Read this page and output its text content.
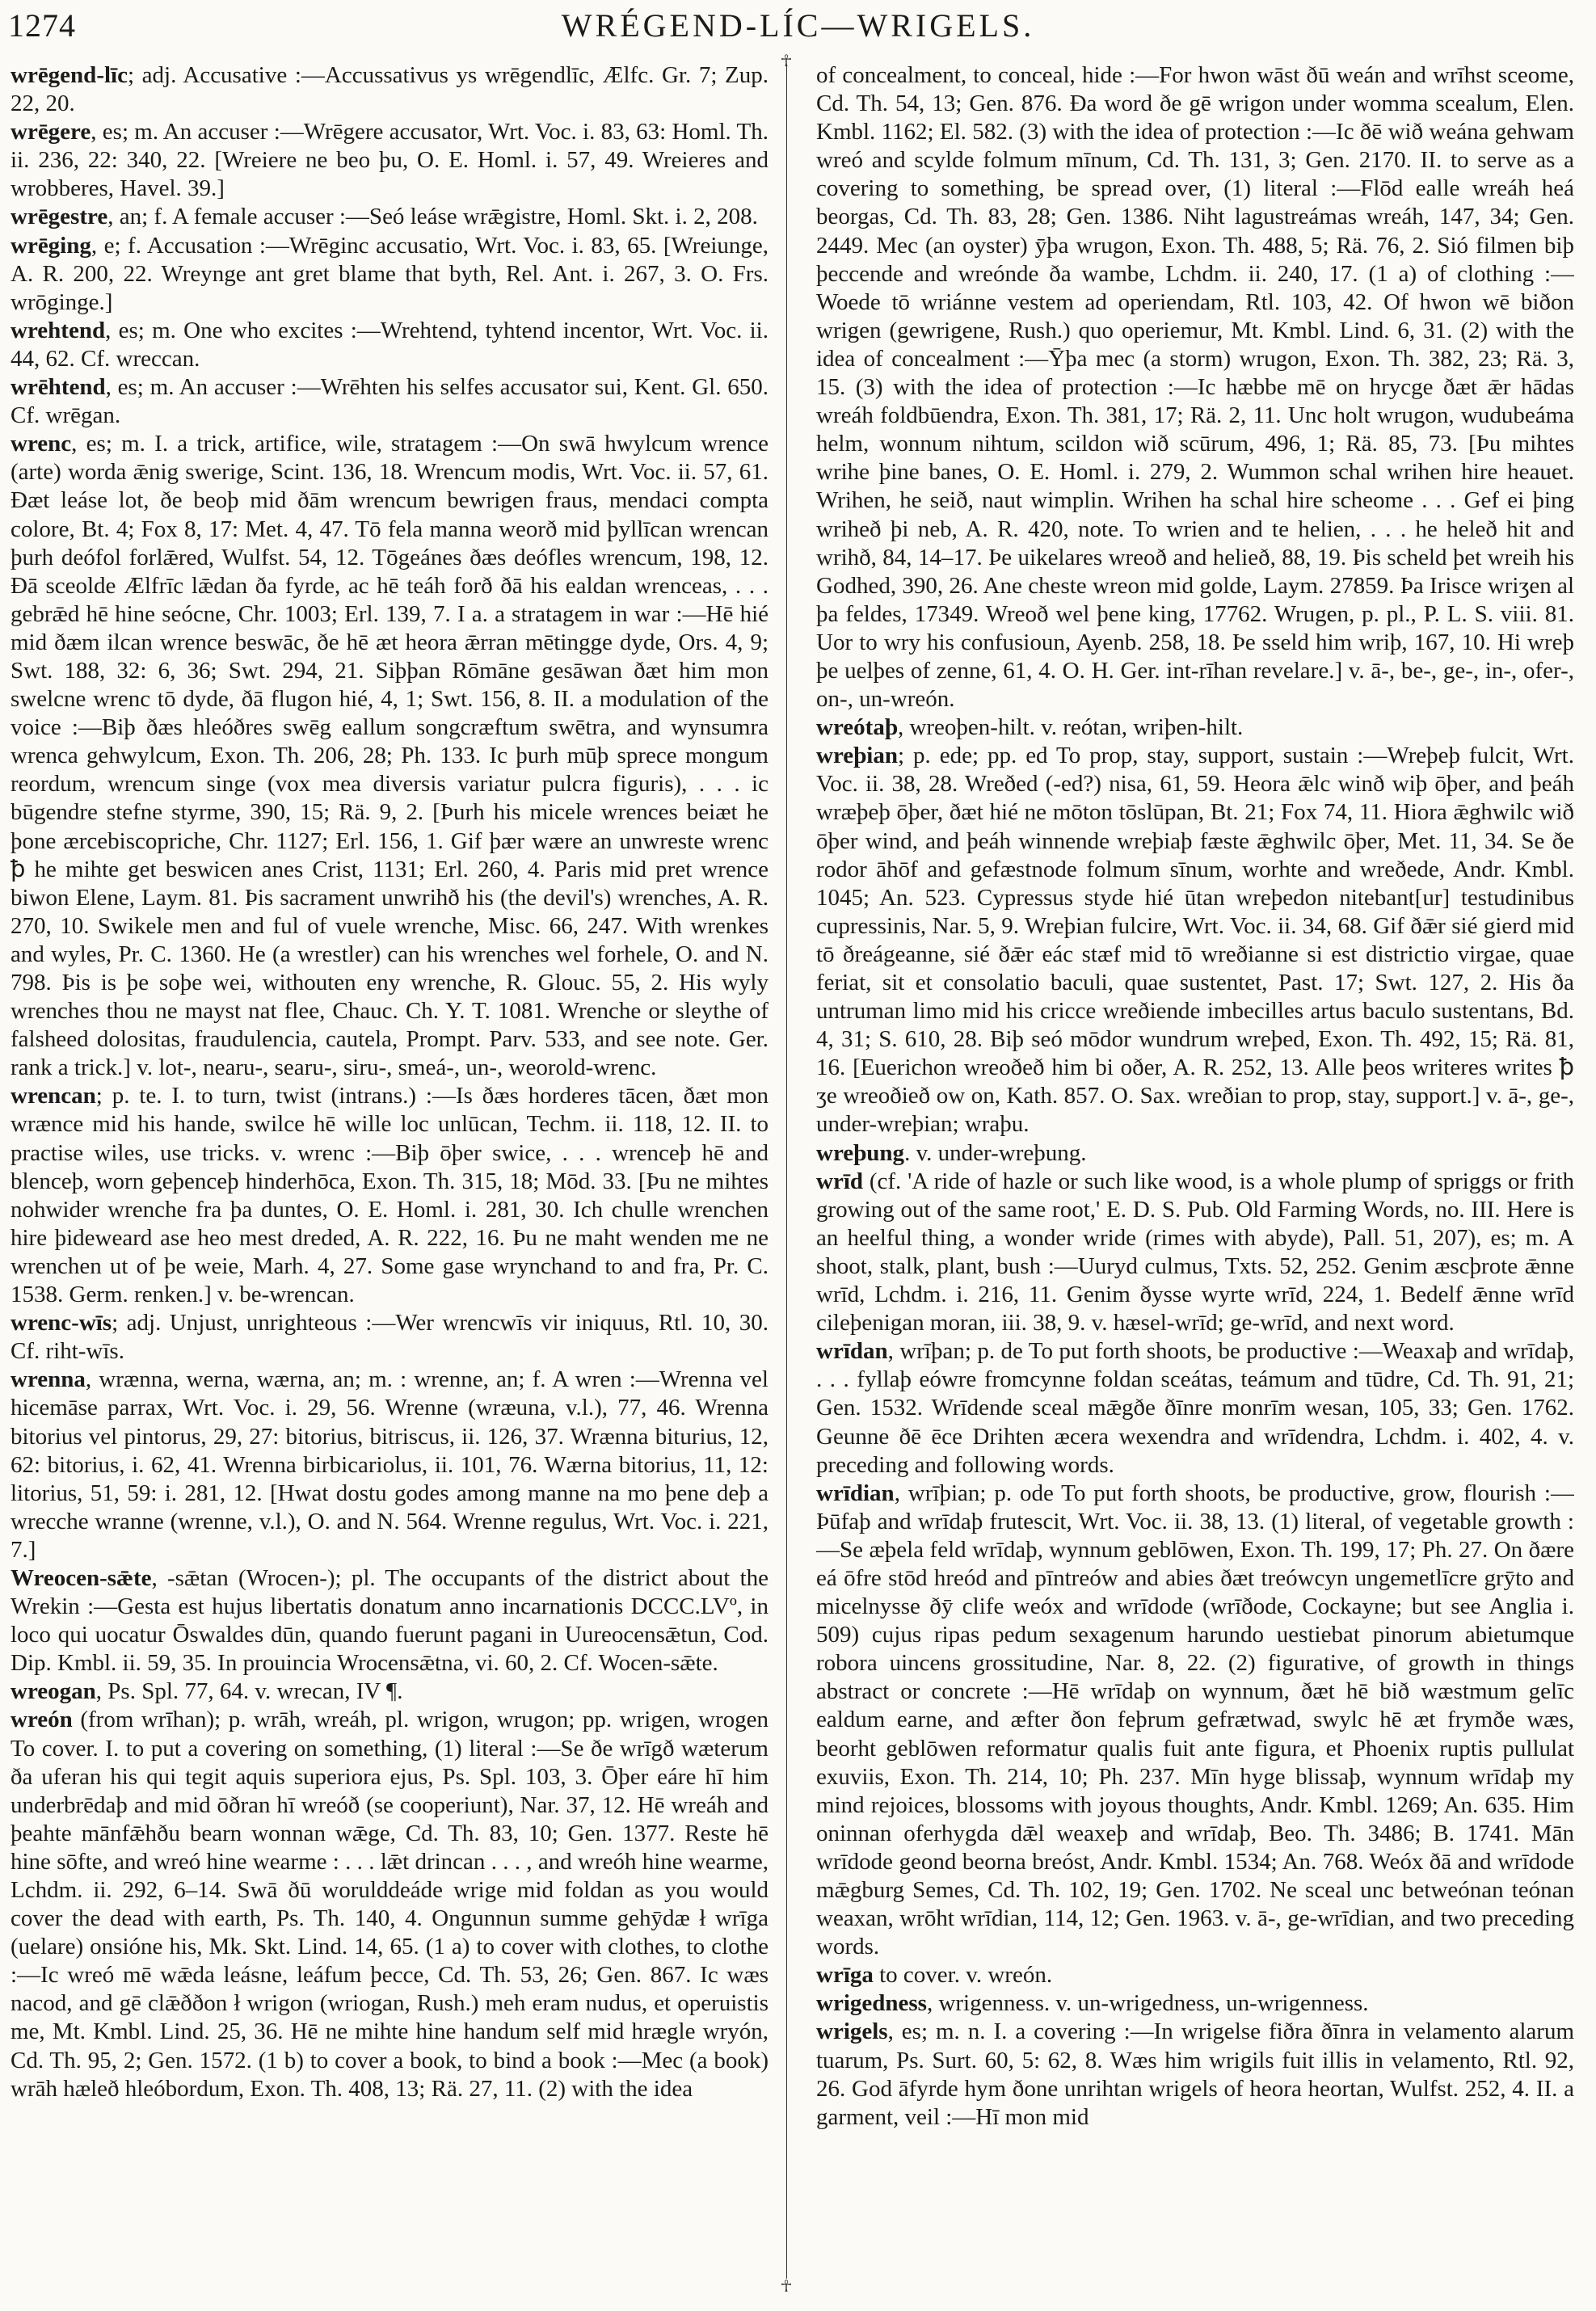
1274	WRÉGEND-LÍC—WRIGELS.
☥
☥

wrēgend-līc; adj. Accusative :—Accussativus ys wrēgendlīc, Ælfc. Gr. 7; Zup. 22, 20.

wrēgere, es; m. An accuser :—Wrēgere accusator, Wrt. Voc. i. 83, 63: Homl. Th. ii. 236, 22: 340, 22. [Wreiere ne beo þu, O. E. Homl. i. 57, 49. Wreieres and wrobberes, Havel. 39.]

wrēgestre, an; f. A female accuser :—Seó leáse wrǣgistre, Homl. Skt. i. 2, 208.

wrēging, e; f. Accusation :—Wrēginc accusatio, Wrt. Voc. i. 83, 65. [Wreiunge, A. R. 200, 22. Wreynge ant gret blame that byth, Rel. Ant. i. 267, 3. O. Frs. wrōginge.]

wrehtend, es; m. One who excites :—Wrehtend, tyhtend incentor, Wrt. Voc. ii. 44, 62. Cf. wreccan.

wrēhtend, es; m. An accuser :—Wrēhten his selfes accusator sui, Kent. Gl. 650. Cf. wrēgan.

wrenc, es; m. I. a trick, artifice, wile, stratagem :—On swā hwylcum wrence (arte) worda ǣnig swerige, Scint. 136, 18. Wrencum modis, Wrt. Voc. ii. 57, 61. Ðæt leáse lot, ðe beoþ mid ðām wrencum bewrigen fraus, mendaci compta colore, Bt. 4; Fox 8, 17: Met. 4, 47. Tō fela manna weorð mid þyllīcan wrencan þurh deófol forlǣred, Wulfst. 54, 12. Tōgeánes ðæs deófles wrencum, 198, 12. Ðā sceolde Ælfrīc lǣdan ða fyrde, ac hē teáh forð ðā his ealdan wrenceas, . . . gebrǣd hē hine seócne, Chr. 1003; Erl. 139, 7. I a. a stratagem in war :—Hē hié mid ðæm ilcan wrence beswāc, ðe hē æt heora ǣrran mētingge dyde, Ors. 4, 9; Swt. 188, 32: 6, 36; Swt. 294, 21. Siþþan Rōmāne gesāwan ðæt him mon swelcne wrenc tō dyde, ðā flugon hié, 4, 1; Swt. 156, 8. II. a modulation of the voice :—Biþ ðæs hleóðres swēg eallum songcræftum swētra, and wynsumra wrenca gehwylcum, Exon. Th. 206, 28; Ph. 133. Ic þurh mūþ sprece mongum reordum, wrencum singe (vox mea diversis variatur pulcra figuris), . . . ic būgendre stefne styrme, 390, 15; Rä. 9, 2. [Þurh his micele wrences beiæt he þone ærcebiscopriche, Chr. 1127; Erl. 156, 1. Gif þær wære an unwreste wrenc ꝥ he mihte get beswicen anes Crist, 1131; Erl. 260, 4. Paris mid pret wrence biwon Elene, Laym. 81. Þis sacrament unwrihð his (the devil's) wrenches, A. R. 270, 10. Swikele men and ful of vuele wrenche, Misc. 66, 247. With wrenkes and wyles, Pr. C. 1360. He (a wrestler) can his wrenches wel forhele, O. and N. 798. Þis is þe soþe wei, withouten eny wrenche, R. Glouc. 55, 2. His wyly wrenches thou ne mayst nat flee, Chauc. Ch. Y. T. 1081. Wrenche or sleythe of falsheed dolositas, fraudulencia, cautela, Prompt. Parv. 533, and see note. Ger. rank a trick.] v. lot-, nearu-, searu-, siru-, smeá-, un-, weorold-wrenc.

wrencan; p. te. I. to turn, twist (intrans.) :—Is ðæs horderes tācen, ðæt mon wrænce mid his hande, swilce hē wille loc unlūcan, Techm. ii. 118, 12. II. to practise wiles, use tricks. v. wrenc :—Biþ ōþer swice, . . . wrenceþ hē and blenceþ, worn geþenceþ hinderhōca, Exon. Th. 315, 18; Mōd. 33. [Þu ne mihtes nohwider wrenche fra þa duntes, O. E. Homl. i. 281, 30. Ich chulle wrenchen hire þideweard ase heo mest dreded, A. R. 222, 16. Þu ne maht wenden me ne wrenchen ut of þe weie, Marh. 4, 27. Some gase wrynchand to and fra, Pr. C. 1538. Germ. renken.] v. be-wrencan.

wrenc-wīs; adj. Unjust, unrighteous :—Wer wrencwīs vir iniquus, Rtl. 10, 30. Cf. riht-wīs.

wrenna, wrænna, werna, wærna, an; m. : wrenne, an; f. A wren :—Wrenna vel hicemāse parrax, Wrt. Voc. i. 29, 56. Wrenne (wræuna, v.l.), 77, 46. Wrenna bitorius vel pintorus, 29, 27: bitorius, bitriscus, ii. 126, 37. Wrænna biturius, 12, 62: bitorius, i. 62, 41. Wrenna birbicariolus, ii. 101, 76. Wærna bitorius, 11, 12: litorius, 51, 59: i. 281, 12. [Hwat dostu godes among manne na mo þene deþ a wrecche wranne (wrenne, v.l.), O. and N. 564. Wrenne regulus, Wrt. Voc. i. 221, 7.]

Wreocen-sǣte, -sǣtan (Wrocen-); pl. The occupants of the district about the Wrekin :—Gesta est hujus libertatis donatum anno incarnationis DCCC.LVº, in loco qui uocatur Ōswaldes dūn, quando fuerunt pagani in Uureocensǣtun, Cod. Dip. Kmbl. ii. 59, 35. In prouincia Wrocensǣtna, vi. 60, 2. Cf. Wocen-sǣte.

wreogan, Ps. Spl. 77, 64. v. wrecan, IV ¶.

wreón (from wrīhan); p. wrāh, wreáh, pl. wrigon, wrugon; pp. wrigen, wrogen To cover. I. to put a covering on something, (1) literal :—Se ðe wrīgð wæterum ða uferan his qui tegit aquis superiora ejus, Ps. Spl. 103, 3. Ōþer eáre hī him underbrēdaþ and mid ōðran hī wreóð (se cooperiunt), Nar. 37, 12. Hē wreáh and þeahte mānfǣhðu bearn wonnan wǣge, Cd. Th. 83, 10; Gen. 1377. Reste hē hine sōfte, and wreó hine wearme : . . . lǣt drincan . . . , and wreóh hine wearme, Lchdm. ii. 292, 6–14. Swā ðū worulddeáde wrige mid foldan as you would cover the dead with earth, Ps. Th. 140, 4. Ongunnun summe gehȳdæ ł wrīga (uelare) onsióne his, Mk. Skt. Lind. 14, 65. (1 a) to cover with clothes, to clothe :—Ic wreó mē wǣda leásne, leáfum þecce, Cd. Th. 53, 26; Gen. 867. Ic wæs nacod, and gē clǣððon ł wrigon (wriogan, Rush.) meh eram nudus, et operuistis me, Mt. Kmbl. Lind. 25, 36. Hē ne mihte hine handum self mid hrægle wryón, Cd. Th. 95, 2; Gen. 1572. (1 b) to cover a book, to bind a book :—Mec (a book) wrāh hæleð hleóbordum, Exon. Th. 408, 13; Rä. 27, 11. (2) with the idea

of concealment, to conceal, hide :—For hwon wāst ðū weán and wrīhst sceome, Cd. Th. 54, 13; Gen. 876. Ða word ðe gē wrigon under womma scealum, Elen. Kmbl. 1162; El. 582. (3) with the idea of protection :—Ic ðē wið weána gehwam wreó and scylde folmum mīnum, Cd. Th. 131, 3; Gen. 2170. II. to serve as a covering to something, be spread over, (1) literal :—Flōd ealle wreáh heá beorgas, Cd. Th. 83, 28; Gen. 1386. Niht lagustreámas wreáh, 147, 34; Gen. 2449. Mec (an oyster) ȳþa wrugon, Exon. Th. 488, 5; Rä. 76, 2. Sió filmen biþ þeccende and wreónde ða wambe, Lchdm. ii. 240, 17. (1 a) of clothing :—Woede tō wriánne vestem ad operiendam, Rtl. 103, 42. Of hwon wē biðon wrigen (gewrigene, Rush.) quo operiemur, Mt. Kmbl. Lind. 6, 31. (2) with the idea of concealment :—Ȳþa mec (a storm) wrugon, Exon. Th. 382, 23; Rä. 3, 15. (3) with the idea of protection :—Ic hæbbe mē on hrycge ðæt ǣr hādas wreáh foldbūendra, Exon. Th. 381, 17; Rä. 2, 11. Unc holt wrugon, wudubeáma helm, wonnum nihtum, scildon wið scūrum, 496, 1; Rä. 85, 73. [Þu mihtes wrihe þine banes, O. E. Homl. i. 279, 2. Wummon schal wrihen hire heauet. Wrihen, he seið, naut wimplin. Wrihen ha schal hire scheome . . . Gef ei þing wriheð þi neb, A. R. 420, note. To wrien and te helien, . . . he heleð hit and wrihð, 84, 14–17. Þe uikelares wreoð and helieð, 88, 19. Þis scheld þet wreih his Godhed, 390, 26. Ane cheste wreon mid golde, Laym. 27859. Þa Irisce wriʒen al þa feldes, 17349. Wreoð wel þene king, 17762. Wrugen, p. pl., P. L. S. viii. 81. Uor to wry his confusioun, Ayenb. 258, 18. Þe sseld him wriþ, 167, 10. Hi wreþ þe uelþes of zenne, 61, 4. O. H. Ger. int-rīhan revelare.] v. ā-, be-, ge-, in-, ofer-, on-, un-wreón.

wreótaþ, wreoþen-hilt. v. reótan, wriþen-hilt.

wreþian; p. ede; pp. ed To prop, stay, support, sustain :—Wreþeþ fulcit, Wrt. Voc. ii. 38, 28. Wreðed (-ed?) nisa, 61, 59. Heora ǣlc winð wiþ ōþer, and þeáh wræþeþ ōþer, ðæt hié ne mōton tōslūpan, Bt. 21; Fox 74, 11. Hiora ǣghwilc wið ōþer wind, and þeáh winnende wreþiaþ fæste ǣghwilc ōþer, Met. 11, 34. Se ðe rodor āhōf and gefæstnode folmum sīnum, worhte and wreðede, Andr. Kmbl. 1045; An. 523. Cypressus styde hié ūtan wreþedon nitebant[ur] testudinibus cupressinis, Nar. 5, 9. Wreþian fulcire, Wrt. Voc. ii. 34, 68. Gif ðǣr sié gierd mid tō ðreágeanne, sié ðǣr eác stæf mid tō wreðianne si est districtio virgae, quae feriat, sit et consolatio baculi, quae sustentet, Past. 17; Swt. 127, 2. His ða untruman limo mid his cricce wreðiende imbecilles artus baculo sustentans, Bd. 4, 31; S. 610, 28. Biþ seó mōdor wundrum wreþed, Exon. Th. 492, 15; Rä. 81, 16. [Euerichon wreoðeð him bi oðer, A. R. 252, 13. Alle þeos writeres writes ꝥ ʒe wreoðieð ow on, Kath. 857. O. Sax. wreðian to prop, stay, support.] v. ā-, ge-, under-wreþian; wraþu.

wreþung. v. under-wreþung.

wrīd (cf. 'A ride of hazle or such like wood, is a whole plump of spriggs or frith growing out of the same root,' E. D. S. Pub. Old Farming Words, no. III. Here is an heelful thing, a wonder wride (rimes with abyde), Pall. 51, 207), es; m. A shoot, stalk, plant, bush :—Uuryd culmus, Txts. 52, 252. Genim æscþrote ǣnne wrīd, Lchdm. i. 216, 11. Genim ðysse wyrte wrīd, 224, 1. Bedelf ǣnne wrīd cileþenigan moran, iii. 38, 9. v. hæsel-wrīd; ge-wrīd, and next word.

wrīdan, wrīþan; p. de To put forth shoots, be productive :—Weaxaþ and wrīdaþ, . . . fyllaþ eówre fromcynne foldan sceátas, teámum and tūdre, Cd. Th. 91, 21; Gen. 1532. Wrīdende sceal mǣgðe ðīnre monrīm wesan, 105, 33; Gen. 1762. Geunne ðē ēce Drihten æcera wexendra and wrīdendra, Lchdm. i. 402, 4. v. preceding and following words.

wrīdian, wrīþian; p. ode To put forth shoots, be productive, grow, flourish :—Þūfaþ and wrīdaþ frutescit, Wrt. Voc. ii. 38, 13. (1) literal, of vegetable growth :—Se æþela feld wrīdaþ, wynnum geblōwen, Exon. Th. 199, 17; Ph. 27. On ðære eá ōfre stōd hreód and pīntreów and abies ðæt treówcyn ungemetlīcre grȳto and micelnysse ðȳ clife weóx and wrīdode (wrīðode, Cockayne; but see Anglia i. 509) cujus ripas pedum sexagenum harundo uestiebat pinorum abietumque robora uincens grossitudine, Nar. 8, 22. (2) figurative, of growth in things abstract or concrete :—Hē wrīdaþ on wynnum, ðæt hē bið wæstmum gelīc ealdum earne, and æfter ðon feþrum gefrætwad, swylc hē æt frymðe wæs, beorht geblōwen reformatur qualis fuit ante figura, et Phoenix ruptis pullulat exuviis, Exon. Th. 214, 10; Ph. 237. Mīn hyge blissaþ, wynnum wrīdaþ my mind rejoices, blossoms with joyous thoughts, Andr. Kmbl. 1269; An. 635. Him oninnan oferhygda dǣl weaxeþ and wrīdaþ, Beo. Th. 3486; B. 1741. Mān wrīdode geond beorna breóst, Andr. Kmbl. 1534; An. 768. Weóx ðā and wrīdode mǣgburg Semes, Cd. Th. 102, 19; Gen. 1702. Ne sceal unc betweónan teónan weaxan, wrōht wrīdian, 114, 12; Gen. 1963. v. ā-, ge-wrīdian, and two preceding words.

wrīga to cover. v. wreón.

wrigedness, wrigenness. v. un-wrigedness, un-wrigenness.

wrigels, es; m. n. I. a covering :—In wrigelse fiðra ðīnra in velamento alarum tuarum, Ps. Surt. 60, 5: 62, 8. Wæs him wrigils fuit illis in velamento, Rtl. 92, 26. God āfyrde hym ðone unrihtan wrigels of heora heortan, Wulfst. 252, 4. II. a garment, veil :—Hī mon mid
